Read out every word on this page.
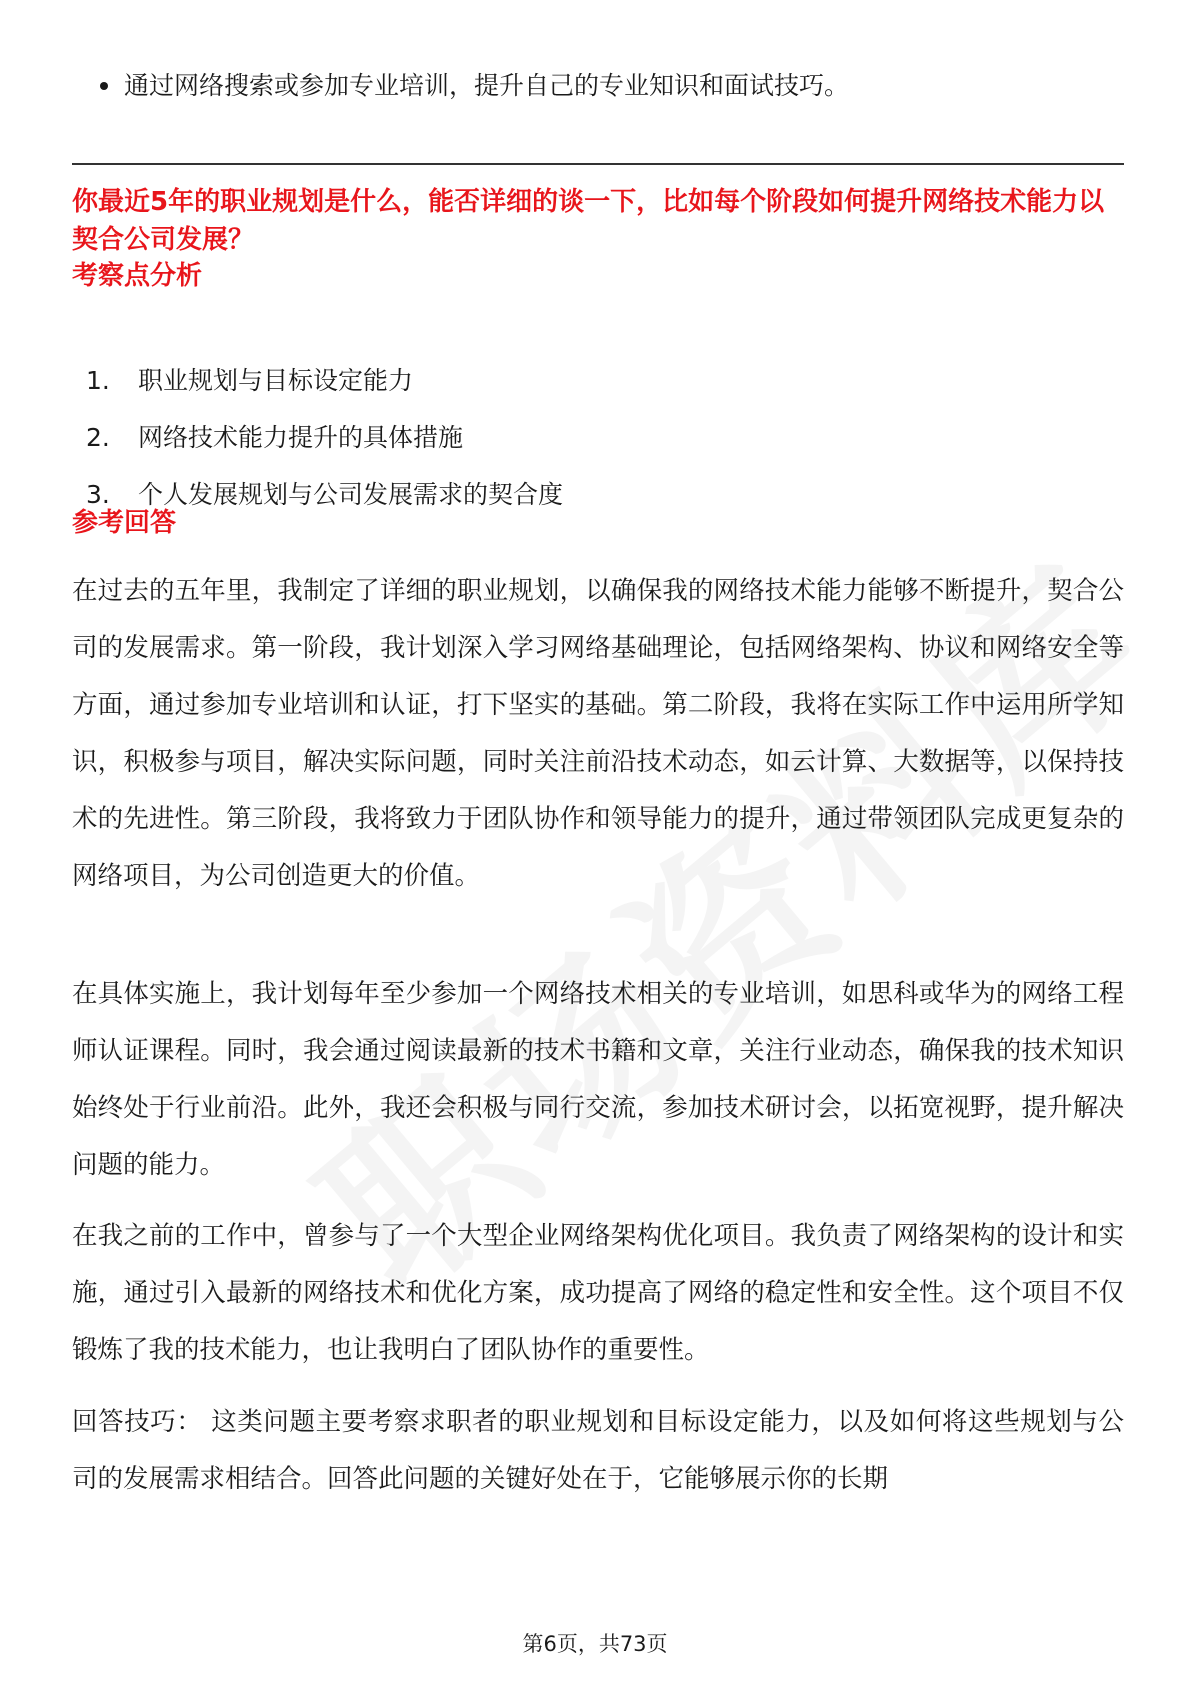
通过网络搜索或参加专业培训，提升自己的专业知识和面试技巧。
你最近5年的职业规划是什么，能否详细的谈一下，比如每个阶段如何提升网络技术能力以契合公司发展？
考察点分析
1.	职业规划与目标设定能力
2.	网络技术能力提升的具体措施
3.	个人发展规划与公司发展需求的契合度
参考回答

在过去的五年里，我制定了详细的职业规划，以确保我的网络技术能力能够不断提升，契合公司的发展需求。第一阶段，我计划深入学习网络基础理论，包括网络架构、协议和网络安全等方面，通过参加专业培训和认证，打下坚实的基础。第二阶段，我将在实际工作中运用所学知识，积极参与项目，解决实际问题，同时关注前沿技术动态，如云计算、大数据等，以保持技术的先进性。第三阶段，我将致力于团队协作和领导能力的提升，通过带领团队完成更复杂的网络项目，为公司创造更大的价值。

在具体实施上，我计划每年至少参加一个网络技术相关的专业培训，如思科或华为的网络工程师认证课程。同时，我会通过阅读最新的技术书籍和文章，关注行业动态，确保我的技术知识始终处于行业前沿。此外，我还会积极与同行交流，参加技术研讨会，以拓宽视野，提升解决问题的能力。

在我之前的工作中，曾参与了一个大型企业网络架构优化项目。我负责了网络架构的设计和实施，通过引入最新的网络技术和优化方案，成功提高了网络的稳定性和安全性。这个项目不仅锻炼了我的技术能力，也让我明白了团队协作的重要性。

回答技巧： 这类问题主要考察求职者的职业规划和目标设定能力，以及如何将这些规划与公司的发展需求相结合。回答此问题的关键好处在于，它能够展示你的长期

第6页，共73页
